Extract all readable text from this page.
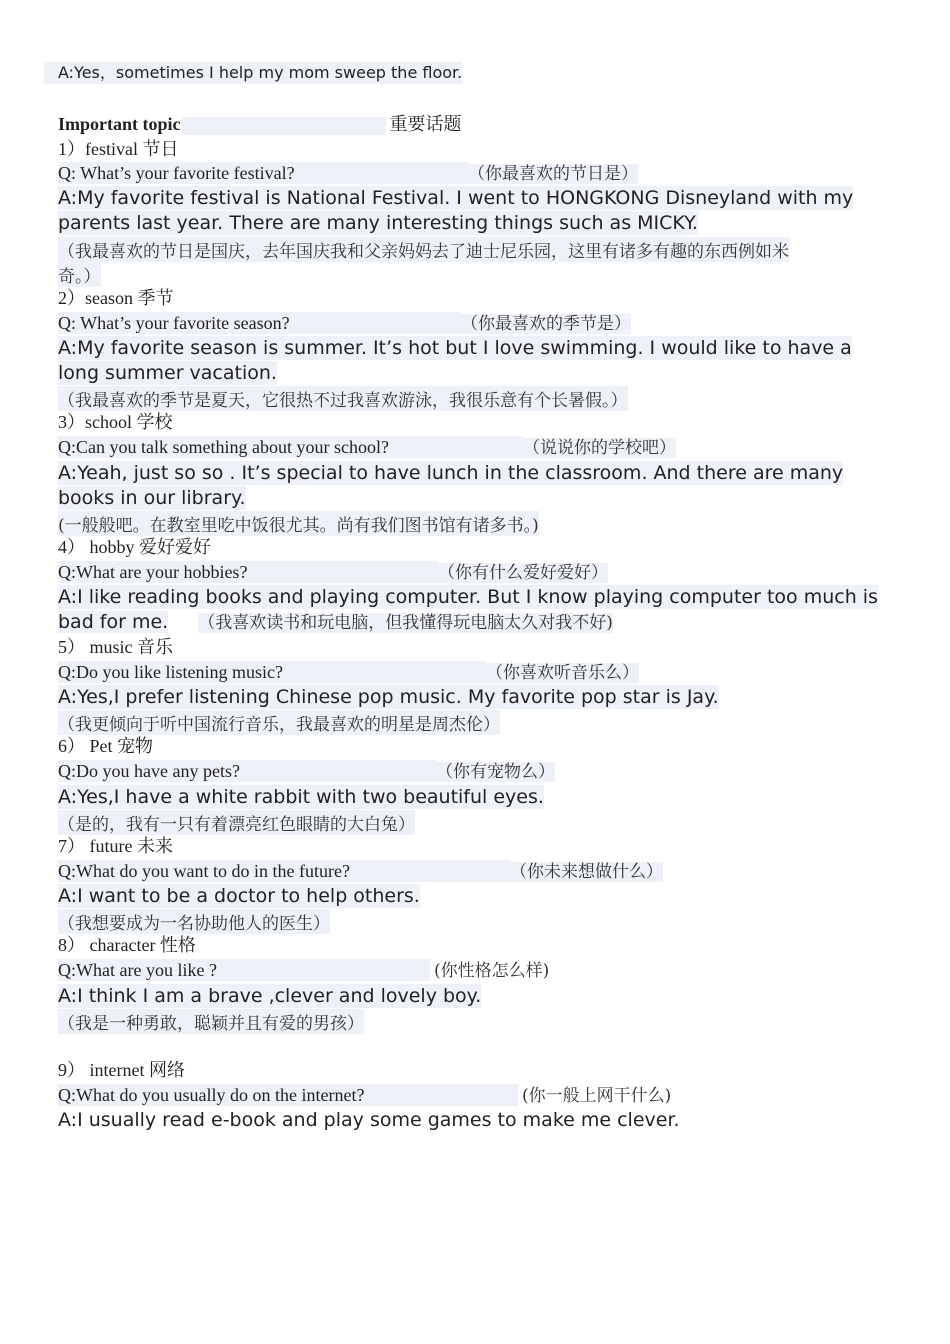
A:Yes，sometimes I help my mom sweep the floor.
Important topic	重要话题
1）festival 节日
Q: What’s your favorite festival?	（你最喜欢的节日是）
A:My favorite festival is National Festival. I went to HONGKONG Disneyland with my
parents last year. There are many interesting things such as MICKY.
（我最喜欢的节日是国庆，去年国庆我和父亲妈妈去了迪士尼乐园，这里有诸多有趣的东西例如米
奇。）
2）season 季节
Q: What’s your favorite season?	（你最喜欢的季节是）
A:My favorite season is summer. It’s hot but I love swimming. I would like to have a
long summer vacation.
（我最喜欢的季节是夏天，它很热不过我喜欢游泳，我很乐意有个长暑假。）
3）school 学校
Q:Can you talk something about your school?	（说说你的学校吧）
A:Yeah, just so so . It’s special to have lunch in the classroom. And there are many
books in our library.
(一般般吧。在教室里吃中饭很尤其。尚有我们图书馆有诸多书。)
4） hobby 爱好爱好
Q:What are your hobbies?	（你有什么爱好爱好）
A:I like reading books and playing computer. But I know playing computer too much is
bad for me. （我喜欢读书和玩电脑，但我懂得玩电脑太久对我不好)
5） music 音乐
Q:Do you like listening music?	（你喜欢听音乐么）
A:Yes,I prefer listening Chinese pop music. My favorite pop star is Jay.
（我更倾向于听中国流行音乐，我最喜欢的明星是周杰伦）
6） Pet 宠物
Q:Do you have any pets?	（你有宠物么）
A:Yes,I have a white rabbit with two beautiful eyes.
（是的，我有一只有着漂亮红色眼睛的大白兔）
7） future 未来
Q:What do you want to do in the future?	（你未来想做什么）
A:I want to be a doctor to help others.
（我想要成为一名协助他人的医生）
8） character 性格
Q:What are you like ?	(你性格怎么样)
A:I think I am a brave ,clever and lovely boy.
（我是一种勇敢，聪颖并且有爱的男孩）
9） internet 网络
Q:What do you usually do on the internet?	(你一般上网干什么)
A:I usually read e-book and play some games to make me clever.
